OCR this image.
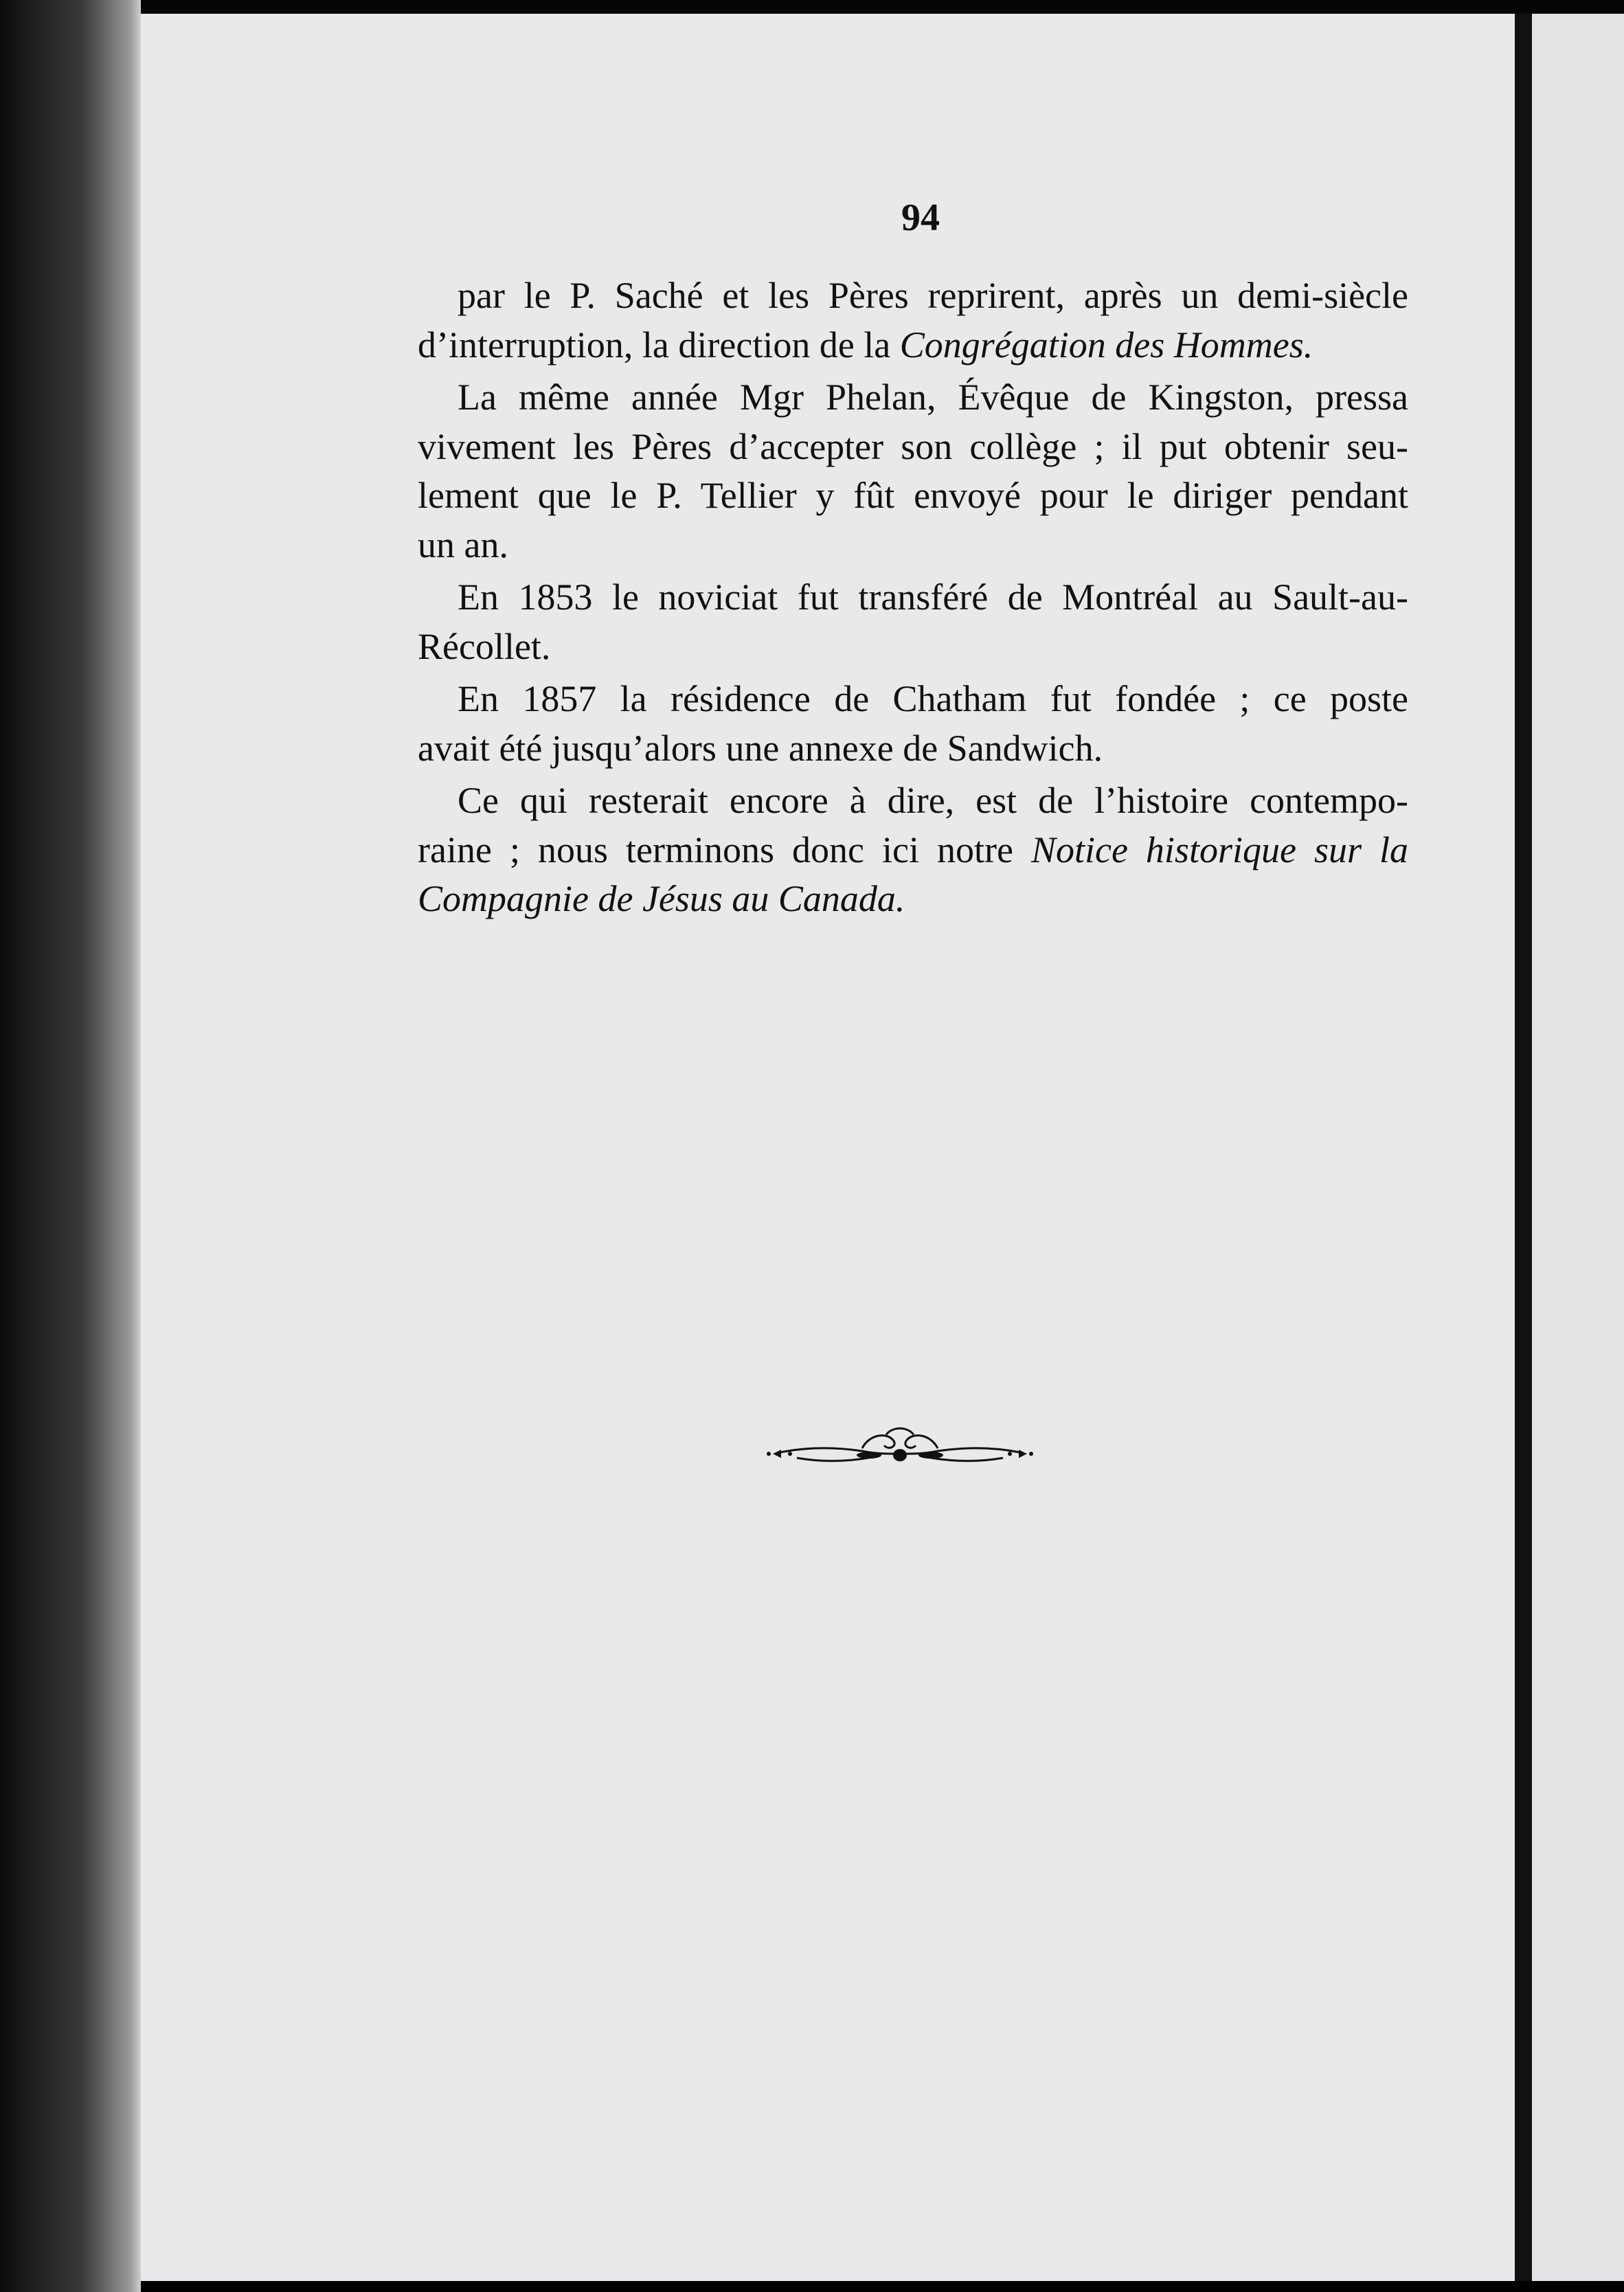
94
par le P. Saché et les Pères reprirent, après un demi-siècle
d’interruption, la direction de la Congrégation des Hommes.
La même année Mgr Phelan, Évêque de Kingston, pressa
vivement les Pères d’accepter son collège ; il put obtenir seu-
lement que le P. Tellier y fût envoyé pour le diriger pendant
un an.
En 1853 le noviciat fut transféré de Montréal au Sault-au-
Récollet.
En 1857 la résidence de Chatham fut fondée ; ce poste
avait été jusqu’alors une annexe de Sandwich.
Ce qui resterait encore à dire, est de l’histoire contempo-
raine ; nous terminons donc ici notre Notice historique sur la
Compagnie de Jésus au Canada.
